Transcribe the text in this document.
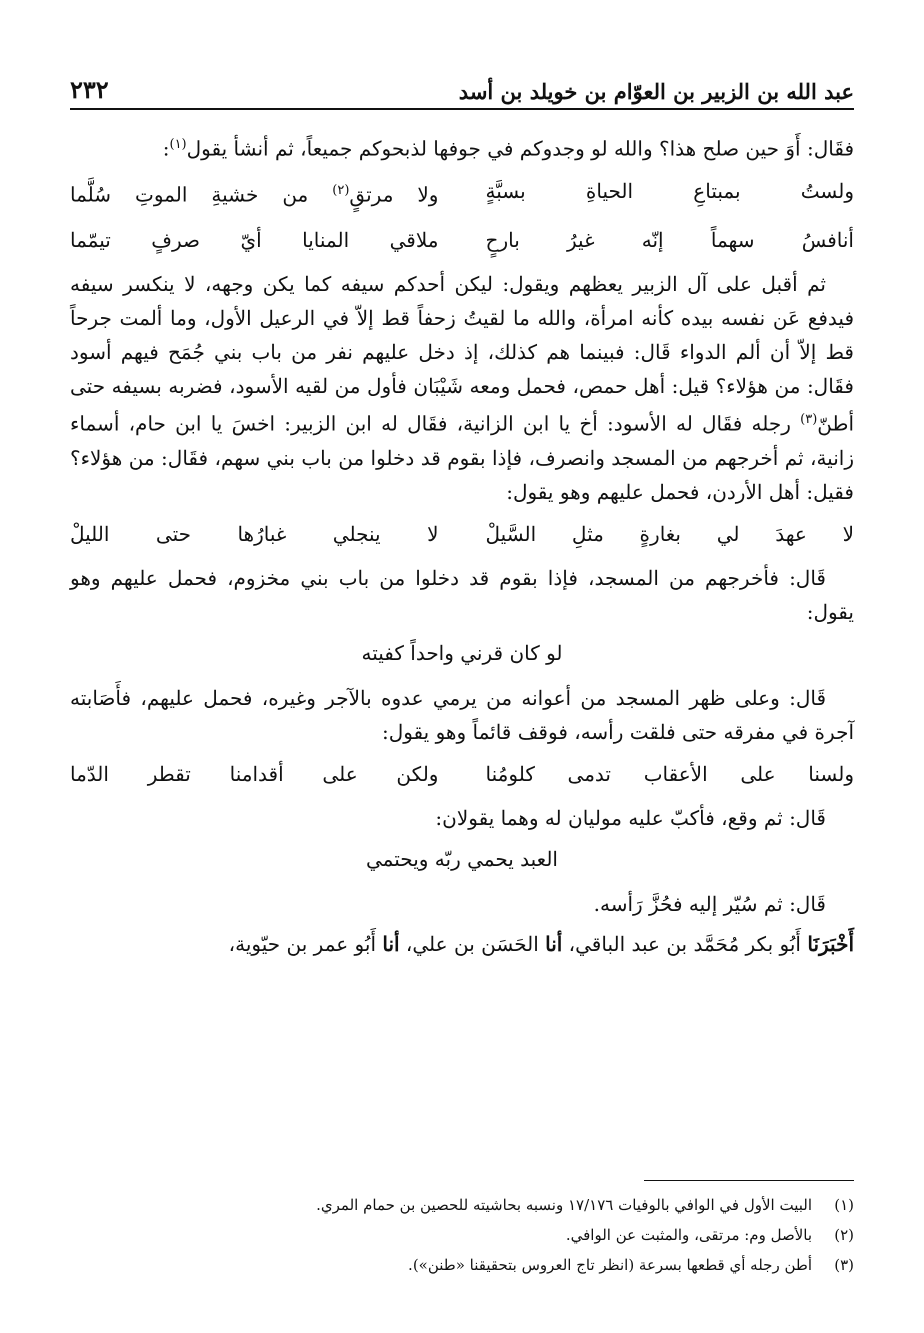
عبد الله بن الزبير بن العوّام بن خويلد بن أسد
٢٣٢

فقَال: أَوَ حين صلح هذا؟ والله لو وجدوكم في جوفها لذبحوكم جميعاً، ثم أنشأ يقول$^{(١)}$:

ولستُ بمبتاعِ الحياةِ بسبَّةٍ
ولا مرتقٍ$^{(٢)}$ من خشيةِ الموتِ سُلَّما
أنافسُ سهماً إنّه غيرُ بارحٍ
ملاقي المنايا أيّ صرفٍ تيمّما

ثم أقبل على آل الزبير يعظهم ويقول: ليكن أحدكم سيفه كما يكن وجهه، لا ينكسر سيفه فيدفع عَن نفسه بيده كأنه امرأة، والله ما لقيتُ زحفاً قط إلاّ في الرعيل الأول، وما ألمت جرحاً قط إلاّ أن ألم الدواء قَال: فبينما هم كذلك، إذ دخل عليهم نفر من باب بني جُمَح فيهم أسود فقَال: من هؤلاء؟ قيل: أهل حمص، فحمل ومعه شَيْبَان فأول من لقيه الأسود، فضربه بسيفه حتى أطنّ$^{(٣)}$ رجله فقَال له الأسود: أخ يا ابن الزانية، فقَال له ابن الزبير: اخسَ يا ابن حام، أسماء زانية، ثم أخرجهم من المسجد وانصرف، فإذا بقوم قد دخلوا من باب بني سهم، فقَال: من هؤلاء؟ فقيل: أهل الأردن، فحمل عليهم وهو يقول:

لا عهدَ لي بغارةٍ مثلِ السَّيلْ
لا ينجلي غبارُها حتى الليلْ

قَال: فأخرجهم من المسجد، فإذا بقوم قد دخلوا من باب بني مخزوم، فحمل عليهم وهو يقول:

لو كان قرني واحداً كفيته

قَال: وعلى ظهر المسجد من أعوانه من يرمي عدوه بالآجر وغيره، فحمل عليهم، فأَصَابته آجرة في مفرقه حتى فلقت رأسه، فوقف قائماً وهو يقول:

ولسنا على الأعقاب تدمى كلومُنا
ولكن على أقدامنا تقطر الدّما

قَال: ثم وقع، فأكبّ عليه موليان له وهما يقولان:

العبد يحمي ربّه ويحتمي

قَال: ثم سُيّر إليه فحُزَّ رَأسه.

أَخْبَرَنَا أَبُو بكر مُحَمَّد بن عبد الباقي، أنا الحَسَن بن علي، أنا أَبُو عمر بن حيّوية،

(١)
البيت الأول في الوافي بالوفيات ١٧/١٧٦ ونسبه بحاشيته للحصين بن حمام المري.
(٢)
بالأصل وم: مرتقى، والمثبت عن الوافي.
(٣)
أطن رجله أي قطعها بسرعة (انظر تاج العروس بتحقيقنا «طنن»).
